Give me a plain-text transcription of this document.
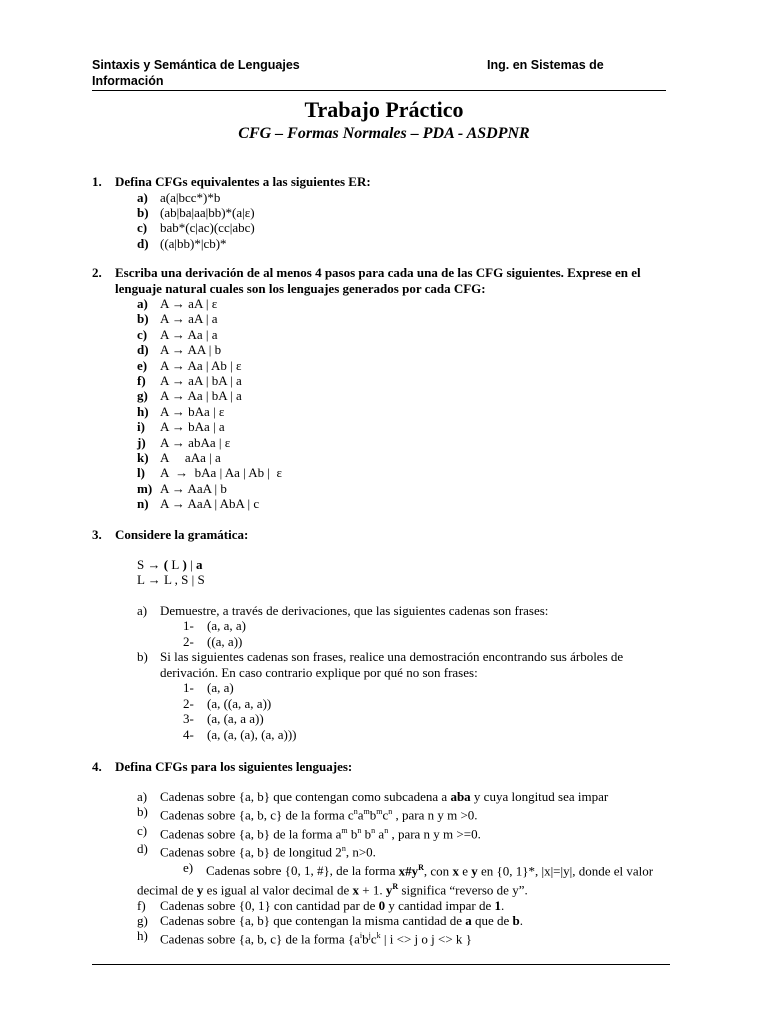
Sintaxis y Semántica de Lenguajes	Ing. en Sistemas de
Información
Trabajo Práctico
CFG – Formas Normales – PDA - ASDPNR
1. Defina CFGs equivalentes a las siguientes ER:
a) a(a|bcc*)*b
b) (ab|ba|aa|bb)*(a|ε)
c) bab*(c|ac)(cc|abc)
d) ((a|bb)*|cb)*
2. Escriba una derivación de al menos 4 pasos para cada una de las CFG siguientes. Exprese en el
lenguaje natural cuales son los lenguajes generados por cada CFG:
a) A → aA | ε
b) A → aA | a
c) A → Aa | a
d) A → AA | b
e) A → Aa | Ab | ε
f) A → aA | bA | a
g) A → Aa | bA | a
h) A → bAa | ε
i) A → bAa | a
j) A → abAa | ε
k) A     aAa | a
l) A  →  bAa | Aa | Ab |  ε
m) A → AaA | b
n) A → AaA | AbA | c
3. Considere la gramática:
S → ( L ) | a
L → L , S | S
a) Demuestre, a través de derivaciones, que las siguientes cadenas son frases:
1- (a, a, a)
2- ((a, a))
b) Si las siguientes cadenas son frases, realice una demostración encontrando sus árboles de
derivación. En caso contrario explique por qué no son frases:
1- (a, a)
2- (a, ((a, a, a))
3- (a, (a, a a))
4- (a, (a, (a), (a, a)))
4. Defina CFGs para los siguientes lenguajes:
a) Cadenas sobre {a, b} que contengan como subcadena a aba y cuya longitud sea impar
b) Cadenas sobre {a, b, c} de la forma $c^na^mb^mc^n$ , para n y m >0.
c) Cadenas sobre {a, b} de la forma $a^m$ $b^n$ $b^n$ $a^n$ , para n y m >=0.
d) Cadenas sobre {a, b} de longitud 2$^n$, n>0.
e) Cadenas sobre {0, 1, #}, de la forma $x\#y^R$, con x e y en {0, 1}*, |x|=|y|, donde el valor
decimal de y es igual al valor decimal de x + 1. $y^R$ significa “reverso de y”.
f) Cadenas sobre {0, 1} con cantidad par de 0 y cantidad impar de 1.
g) Cadenas sobre {a, b} que contengan la misma cantidad de a que de b.
h) Cadenas sobre {a, b, c} de la forma {$a^ib^jc^k$ | i <> j o j <> k }
